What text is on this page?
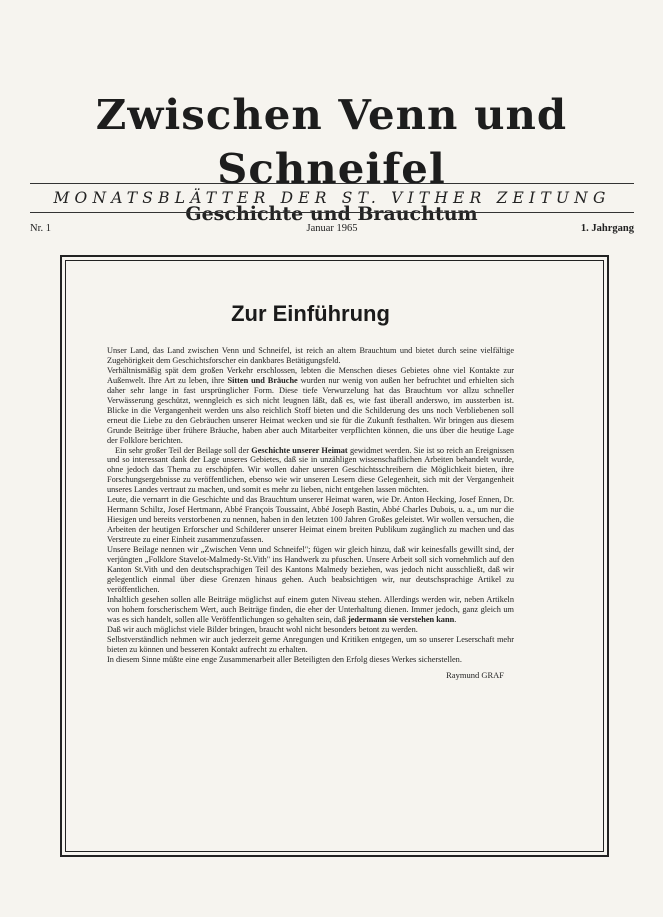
Zwischen Venn und Schneifel
Geschichte und Brauchtum
MONATSBLÄTTER DER ST. VITHER ZEITUNG
Nr. 1	Januar 1965	1. Jahrgang
Zur Einführung

Unser Land, das Land zwischen Venn und Schneifel, ist reich an altem Brauchtum und bietet durch seine vielfältige Zugehörigkeit dem Geschichtsforscher ein dankbares Betätigungsfeld.

Verhältnismäßig spät dem großen Verkehr erschlossen, lebten die Menschen dieses Gebietes ohne viel Kontakte zur Außenwelt. Ihre Art zu leben, ihre Sitten und Bräuche wurden nur wenig von außen her befruchtet und erhielten sich daher sehr lange in fast ursprünglicher Form. Diese tiefe Verwurzelung hat das Brauchtum vor allzu schneller Verwässerung geschützt, wenngleich es sich nicht leugnen läßt, daß es, wie fast überall anderswo, im aussterben ist. Blicke in die Vergangenheit werden uns also reichlich Stoff bieten und die Schilderung des uns noch Verbliebenen soll erneut die Liebe zu den Gebräuchen unserer Heimat wecken und sie für die Zukunft festhalten. Wir bringen aus diesem Grunde Beiträge über frühere Bräuche, haben aber auch Mitarbeiter verpflichten können, die uns über die heutige Lage der Folklore berichten.

Ein sehr großer Teil der Beilage soll der Geschichte unserer Heimat gewidmet werden. Sie ist so reich an Ereignissen und so interessant dank der Lage unseres Gebietes, daß sie in unzähligen wissenschaftlichen Arbeiten behandelt wurde, ohne jedoch das Thema zu erschöpfen. Wir wollen daher unseren Geschichtsschreibern die Möglichkeit bieten, ihre Forschungsergebnisse zu veröffentlichen, ebenso wie wir unseren Lesern diese Gelegenheit, sich mit der Vergangenheit unseres Landes vertraut zu machen, und somit es mehr zu lieben, nicht entgehen lassen möchten.

Leute, die vernarrt in die Geschichte und das Brauchtum unserer Heimat waren, wie Dr. Anton Hecking, Josef Ennen, Dr. Hermann Schiltz, Josef Hertmann, Abbé François Toussaint, Abbé Joseph Bastin, Abbé Charles Dubois, u. a., um nur die Hiesigen und bereits verstorbenen zu nennen, haben in den letzten 100 Jahren Großes geleistet. Wir wollen versuchen, die Arbeiten der heutigen Erforscher und Schilderer unserer Heimat einem breiten Publikum zugänglich zu machen und das Verstreute zu einer Einheit zusammenzufassen.

Unsere Beilage nennen wir „Zwischen Venn und Schneifel"; fügen wir gleich hinzu, daß wir keinesfalls gewillt sind, der verjüngten „Folklore Stavelot-Malmedy-St.Vith" ins Handwerk zu pfuschen. Unsere Arbeit soll sich vornehmlich auf den Kanton St.Vith und den deutschsprachigen Teil des Kantons Malmedy beziehen, was jedoch nicht ausschließt, daß wir gelegentlich einmal über diese Grenzen hinaus gehen. Auch beabsichtigen wir, nur deutschsprachige Artikel zu veröffentlichen.

Inhaltlich gesehen sollen alle Beiträge möglichst auf einem guten Niveau stehen. Allerdings werden wir, neben Artikeln von hohem forscherischem Wert, auch Beiträge finden, die eher der Unterhaltung dienen. Immer jedoch, ganz gleich um was es sich handelt, sollen alle Veröffentlichungen so gehalten sein, daß jedermann sie verstehen kann.

Daß wir auch möglichst viele Bilder bringen, braucht wohl nicht besonders betont zu werden.

Selbstverständlich nehmen wir auch jederzeit gerne Anregungen und Kritiken entgegen, um so unserer Leserschaft mehr bieten zu können und besseren Kontakt aufrecht zu erhalten.

In diesem Sinne müßte eine enge Zusammenarbeit aller Beteiligten den Erfolg dieses Werkes sicherstellen.

Raymund GRAF
